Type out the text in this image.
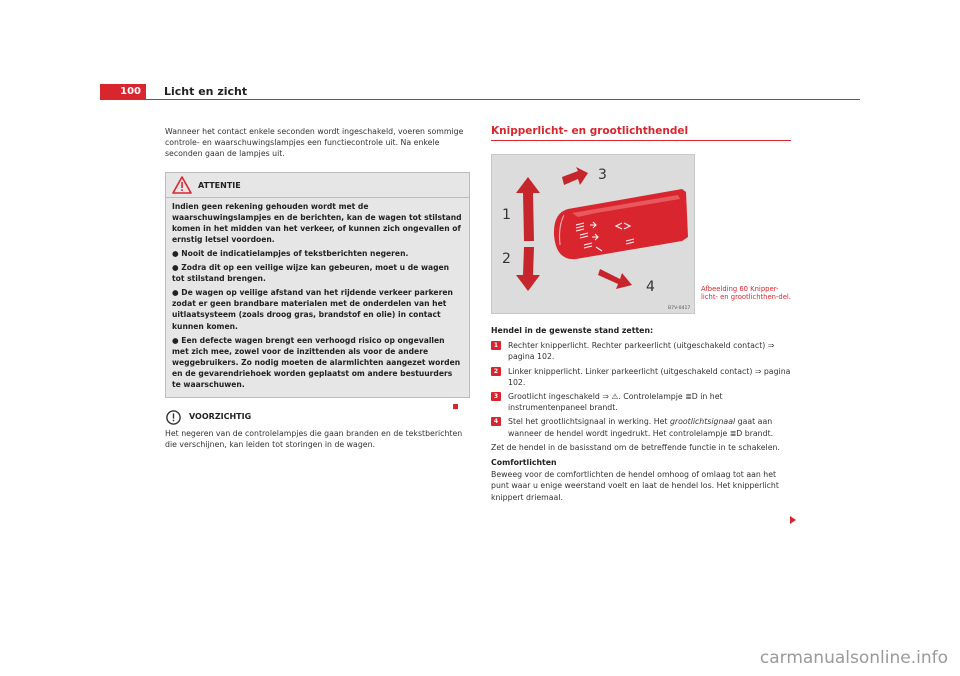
100	Licht en zicht

Wanneer het contact enkele seconden wordt ingeschakeld, voeren sommige controle- en waarschuwingslampjes een functiecontrole uit. Na enkele seconden gaan de lampjes uit.

ATTENTIE

Indien geen rekening gehouden wordt met de waarschuwingslampjes en de berichten, kan de wagen tot stilstand komen in het midden van het verkeer, of kunnen zich ongevallen of ernstig letsel voordoen.

● Nooit de indicatielampjes of tekstberichten negeren.

● Zodra dit op een veilige wijze kan gebeuren, moet u de wagen tot stilstand brengen.

● De wagen op veilige afstand van het rijdende verkeer parkeren zodat er geen brandbare materialen met de onderdelen van het uitlaatsysteem (zoals droog gras, brandstof en olie) in contact kunnen komen.

● Een defecte wagen brengt een verhoogd risico op ongevallen met zich mee, zowel voor de inzittenden als voor de andere weggebruikers. Zo nodig moeten de alarmlichten aangezet worden en de gevarendriehoek worden geplaatst om andere bestuurders te waarschuwen.

VOORZICHTIG

Het negeren van de controlelampjes die gaan branden en de tekstberichten die verschijnen, kan leiden tot storingen in de wagen.

Knipperlicht- en grootlichthendel
1
2
3
4
B7V-0417
Afbeelding 60 Knipper-licht- en grootlichthen-del.

Hendel in de gewenste stand zetten:

1	Rechter knipperlicht. Rechter parkeerlicht (uitgeschakeld contact) ⇒ pagina 102.
2	Linker knipperlicht. Linker parkeerlicht (uitgeschakeld contact) ⇒ pagina 102.
3	Grootlicht ingeschakeld ⇒ ⚠. Controlelampje ≣D in het instrumentenpaneel brandt.
4	Stel het grootlichtsignaal in werking. Het grootlichtsignaal gaat aan wanneer de hendel wordt ingedrukt. Het controlelampje ≣D brandt.

Zet de hendel in de basisstand om de betreffende functie in te schakelen.

Comfortlichten

Beweeg voor de comfortlichten de hendel omhoog of omlaag tot aan het punt waar u enige weerstand voelt en laat de hendel los. Het knipperlicht knippert driemaal.

carmanualsonline.info
